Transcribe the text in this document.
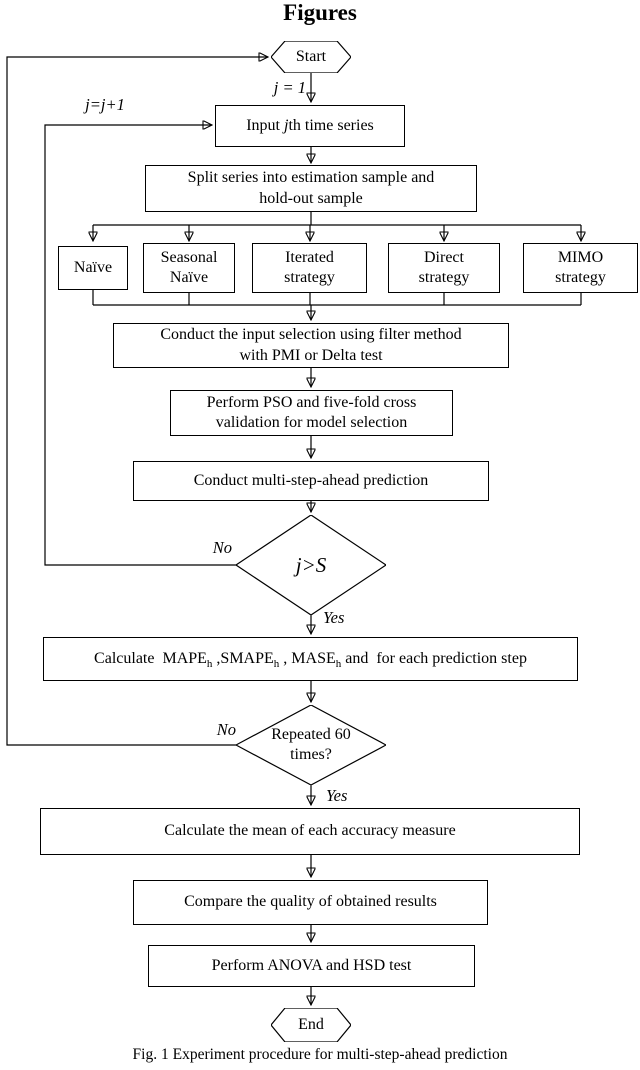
Figures
Start
j = 1
j=j+1
Input jth time series
Split series into estimation sample and
hold-out sample
Naïve
Seasonal
Naïve
Iterated
strategy
Direct
strategy
MIMO
strategy
Conduct the input selection using filter method
with PMI or Delta test
Perform PSO and five-fold cross
validation for model selection
Conduct multi-step-ahead prediction
j>S
No
Yes
Calculate  $MAPE_h$ $,SMAPE_h$ , $MASE_h$ and  for each prediction step
Repeated 60
times?
No
Yes
Calculate the mean of each accuracy measure
Compare the quality of obtained results
Perform ANOVA and HSD test
End
Fig. 1 Experiment procedure for multi-step-ahead prediction
